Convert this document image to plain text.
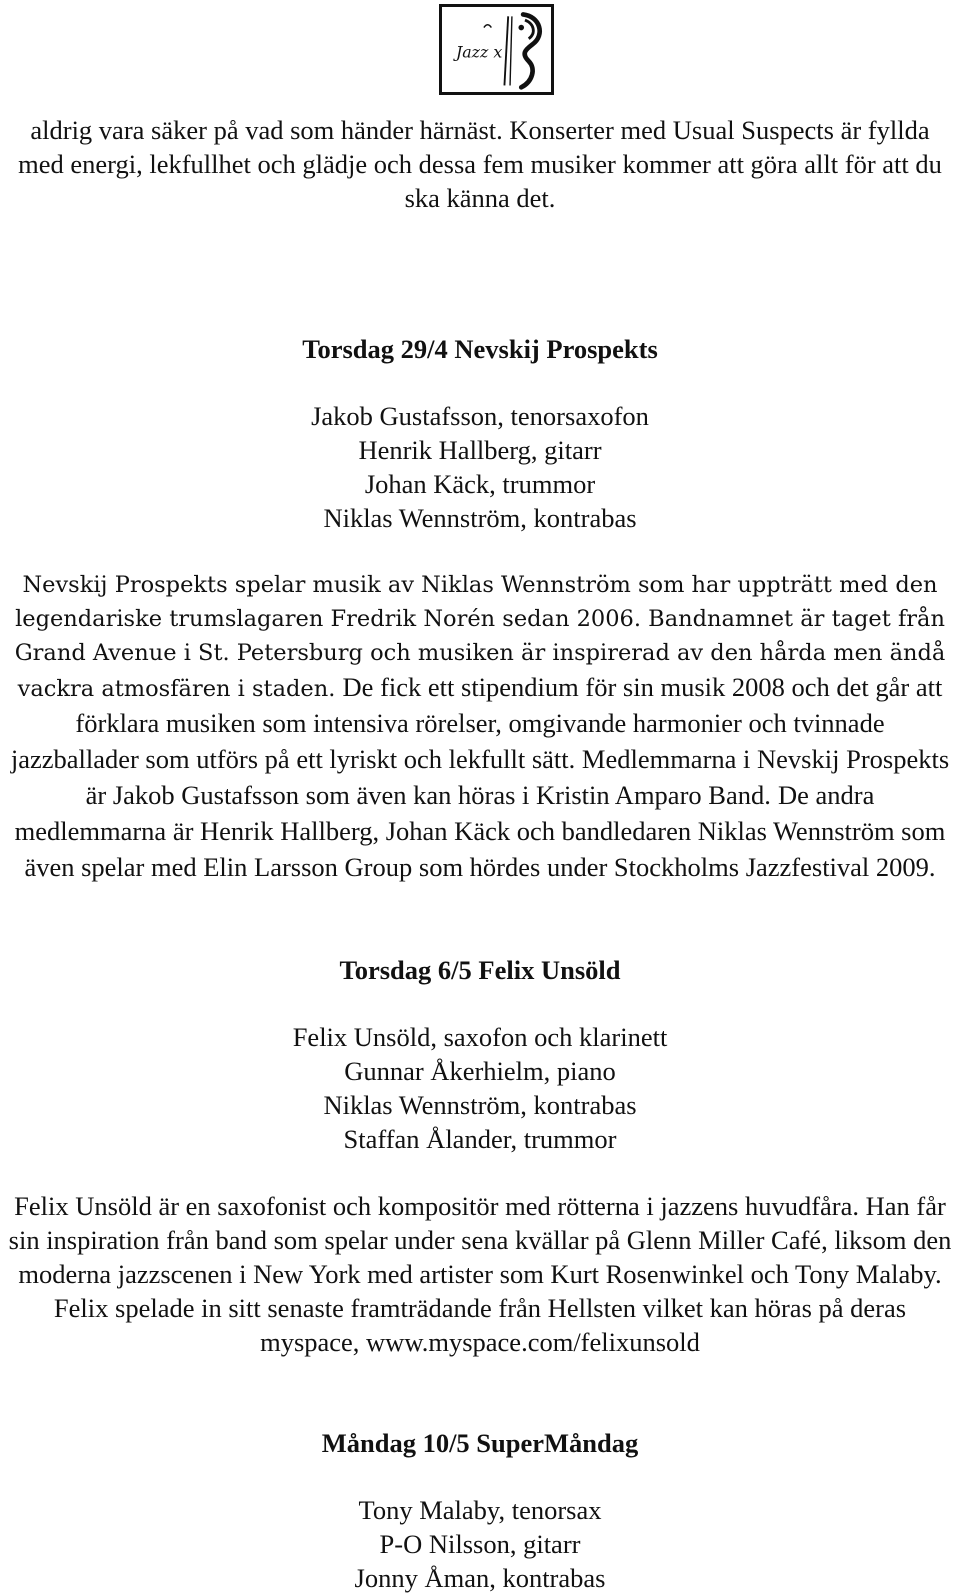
Jazz x

aldrig vara säker på vad som händer härnäst. Konserter med Usual Suspects är fyllda med energi, lekfullhet och glädje och dessa fem musiker kommer att göra allt för att du ska känna det.

Torsdag 29/4 Nevskij Prospekts

Jakob Gustafsson, tenorsaxofon
Henrik Hallberg, gitarr
Johan Käck, trummor
Niklas Wennström, kontrabas

Nevskij Prospekts spelar musik av Niklas Wennström som har uppträtt med den legendariske trumslagaren Fredrik Norén sedan 2006. Bandnamnet är taget från Grand Avenue i St. Petersburg och musiken är inspirerad av den hårda men ändå vackra atmosfären i staden. De fick ett stipendium för sin musik 2008 och det går att förklara musiken som intensiva rörelser, omgivande harmonier och tvinnade jazzballader som utförs på ett lyriskt och lekfullt sätt. Medlemmarna i Nevskij Prospekts är Jakob Gustafsson som även kan höras i Kristin Amparo Band. De andra medlemmarna är Henrik Hallberg, Johan Käck och bandledaren Niklas Wennström som även spelar med Elin Larsson Group som hördes under Stockholms Jazzfestival 2009.

Torsdag 6/5 Felix Unsöld

Felix Unsöld, saxofon och klarinett
Gunnar Åkerhielm, piano
Niklas Wennström, kontrabas
Staffan Ålander, trummor

Felix Unsöld är en saxofonist och kompositör med rötterna i jazzens huvudfåra. Han får sin inspiration från band som spelar under sena kvällar på Glenn Miller Café, liksom den moderna jazzscenen i New York med artister som Kurt Rosenwinkel och Tony Malaby. Felix spelade in sitt senaste framträdande från Hellsten vilket kan höras på deras myspace, www.myspace.com/felixunsold

Måndag 10/5 SuperMåndag

Tony Malaby, tenorsax
P-O Nilsson, gitarr
Jonny Åman, kontrabas
